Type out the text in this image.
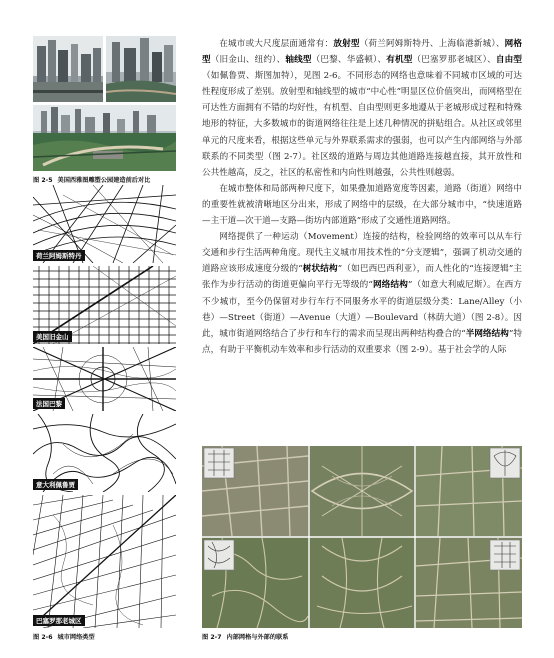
图 2-5 美国西雅图雕塑公园建造前后对比
荷兰阿姆斯特丹
美国旧金山
法国巴黎
意大利佩鲁贾
巴塞罗那老城区
图 2-6 城市网络类型

在城市或大尺度层面通常有：放射型（荷兰阿姆斯特丹、上海临港新城）、网格型（旧金山、纽约）、轴线型（巴黎、华盛顿）、有机型（巴塞罗那老城区）、自由型（如佩鲁贾、斯图加特），见图 2-6。不同形态的网络也意味着不同城市区域的可达性程度形成了差别。放射型和轴线型的城市“中心性”明显区位价值突出，而网格型在可达性方面拥有不错的均好性，有机型、自由型则更多地遵从于老城形成过程和特殊地形的特征，大多数城市的街道网络往往是上述几种情况的拼贴组合。从社区或邻里单元的尺度来看，根据这些单元与外界联系需求的强弱，也可以产生内部网络与外部联系的不同类型（图 2-7）。社区级的道路与周边其他道路连接越直接，其开放性和公共性越高，反之，社区的私密性和内向性则越强，公共性则越弱。

在城市整体和局部两种尺度下，如果叠加道路宽度等因素，道路（街道）网络中的重要性就被清晰地区分出来，形成了网络中的层级，在大部分城市中，“快速道路—主干道—次干道—支路—街坊内部道路”形成了交通性道路网络。

网络提供了一种运动（Movement）连接的结构，检验网络的效率可以从车行交通和步行生活两种角度。现代主义城市用技术性的“分支逻辑”，强调了机动交通的道路应该形成速度分级的“树状结构”（如巴西巴西利亚），而人性化的“连接逻辑”主张作为步行活动的街道更偏向平行无等级的“网络结构”（如意大利威尼斯）。在西方不少城市，至今仍保留对步行车行不同服务水平的街道层级分类：Lane/Alley（小巷）—Street（街道）—Avenue（大道）—Boulevard（林荫大道）（图 2-8）。因此，城市街道网络结合了步行和车行的需求而呈现出两种结构叠合的“半网络结构”特点，有助于平衡机动车效率和步行活动的双重要求（图 2-9）。基于社会学的人际

图 2-7 内部网格与外部的联系
